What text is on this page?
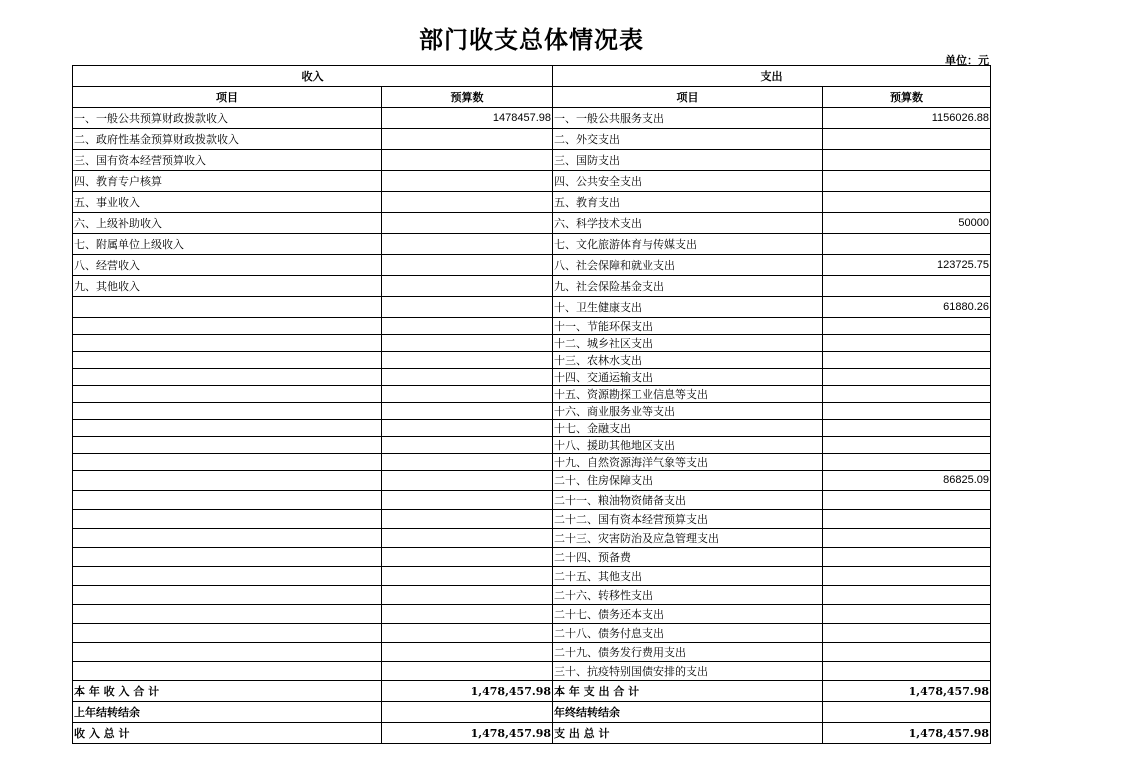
部门收支总体情况表
单位：元
收入		支出	
项目	预算数	项目	预算数
一、一般公共预算财政拨款收入	1478457.98	一、一般公共服务支出	1156026.88
二、政府性基金预算财政拨款收入		二、外交支出	
三、国有资本经营预算收入		三、国防支出	
四、教育专户核算		四、公共安全支出	
五、事业收入		五、教育支出	
六、上级补助收入		六、科学技术支出	50000
七、附属单位上级收入		七、文化旅游体育与传媒支出	
八、经营收入		八、社会保障和就业支出	123725.75
九、其他收入		九、社会保险基金支出	
		十、卫生健康支出	61880.26
		十一、节能环保支出	
		十二、城乡社区支出	
		十三、农林水支出	
		十四、交通运输支出	
		十五、资源勘探工业信息等支出	
		十六、商业服务业等支出	
		十七、金融支出	
		十八、援助其他地区支出	
		十九、自然资源海洋气象等支出	
		二十、住房保障支出	86825.09
		二十一、粮油物资储备支出	
		二十二、国有资本经营预算支出	
		二十三、灾害防治及应急管理支出	
		二十四、预备费	
		二十五、其他支出	
		二十六、转移性支出	
		二十七、债务还本支出	
		二十八、债务付息支出	
		二十九、债务发行费用支出	
		三十、抗疫特别国债安排的支出	
本 年 收 入 合 计	1,478,457.98	本 年 支 出 合 计	1,478,457.98
上年结转结余		年终结转结余	
收 入 总 计	1,478,457.98	支 出 总 计	1,478,457.98
